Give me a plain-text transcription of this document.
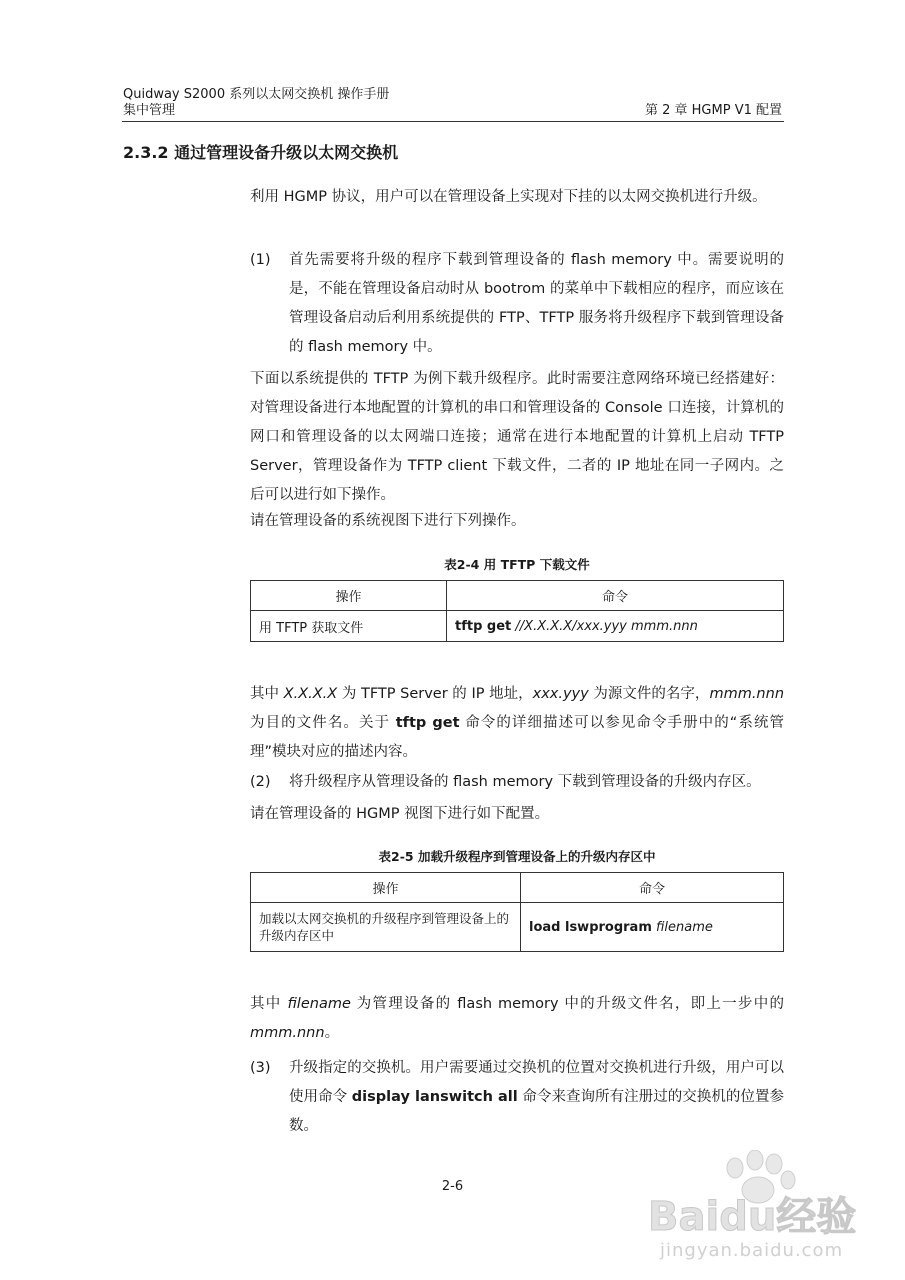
Quidway S2000 系列以太网交换机 操作手册
集中管理	第 2 章 HGMP V1 配置
2.3.2 通过管理设备升级以太网交换机
利用 HGMP 协议，用户可以在管理设备上实现对下挂的以太网交换机进行升级。
(1) 首先需要将升级的程序下载到管理设备的 flash memory 中。需要说明的是，不能在管理设备启动时从 bootrom 的菜单中下载相应的程序，而应该在管理设备启动后利用系统提供的 FTP、TFTP 服务将升级程序下载到管理设备的 flash memory 中。
下面以系统提供的 TFTP 为例下载升级程序。此时需要注意网络环境已经搭建好：对管理设备进行本地配置的计算机的串口和管理设备的 Console 口连接，计算机的网口和管理设备的以太网端口连接；通常在进行本地配置的计算机上启动 TFTP Server，管理设备作为 TFTP client 下载文件，二者的 IP 地址在同一子网内。之后可以进行如下操作。
请在管理设备的系统视图下进行下列操作。
表2-4 用 TFTP 下载文件
操作	命令
用 TFTP 获取文件	tftp get //X.X.X.X/xxx.yyy mmm.nnn
其中 X.X.X.X 为 TFTP Server 的 IP 地址，xxx.yyy 为源文件的名字，mmm.nnn 为目的文件名。关于 tftp get 命令的详细描述可以参见命令手册中的“系统管理”模块对应的描述内容。
(2) 将升级程序从管理设备的 flash memory 下载到管理设备的升级内存区。
请在管理设备的 HGMP 视图下进行如下配置。
表2-5 加载升级程序到管理设备上的升级内存区中
操作	命令
加载以太网交换机的升级程序到管理设备上的升级内存区中	load lswprogram filename
其中 filename 为管理设备的 flash memory 中的升级文件名，即上一步中的 mmm.nnn。
(3) 升级指定的交换机。用户需要通过交换机的位置对交换机进行升级，用户可以使用命令 display lanswitch all 命令来查询所有注册过的交换机的位置参数。
2-6
Baidu经验
jingyan.baidu.com
